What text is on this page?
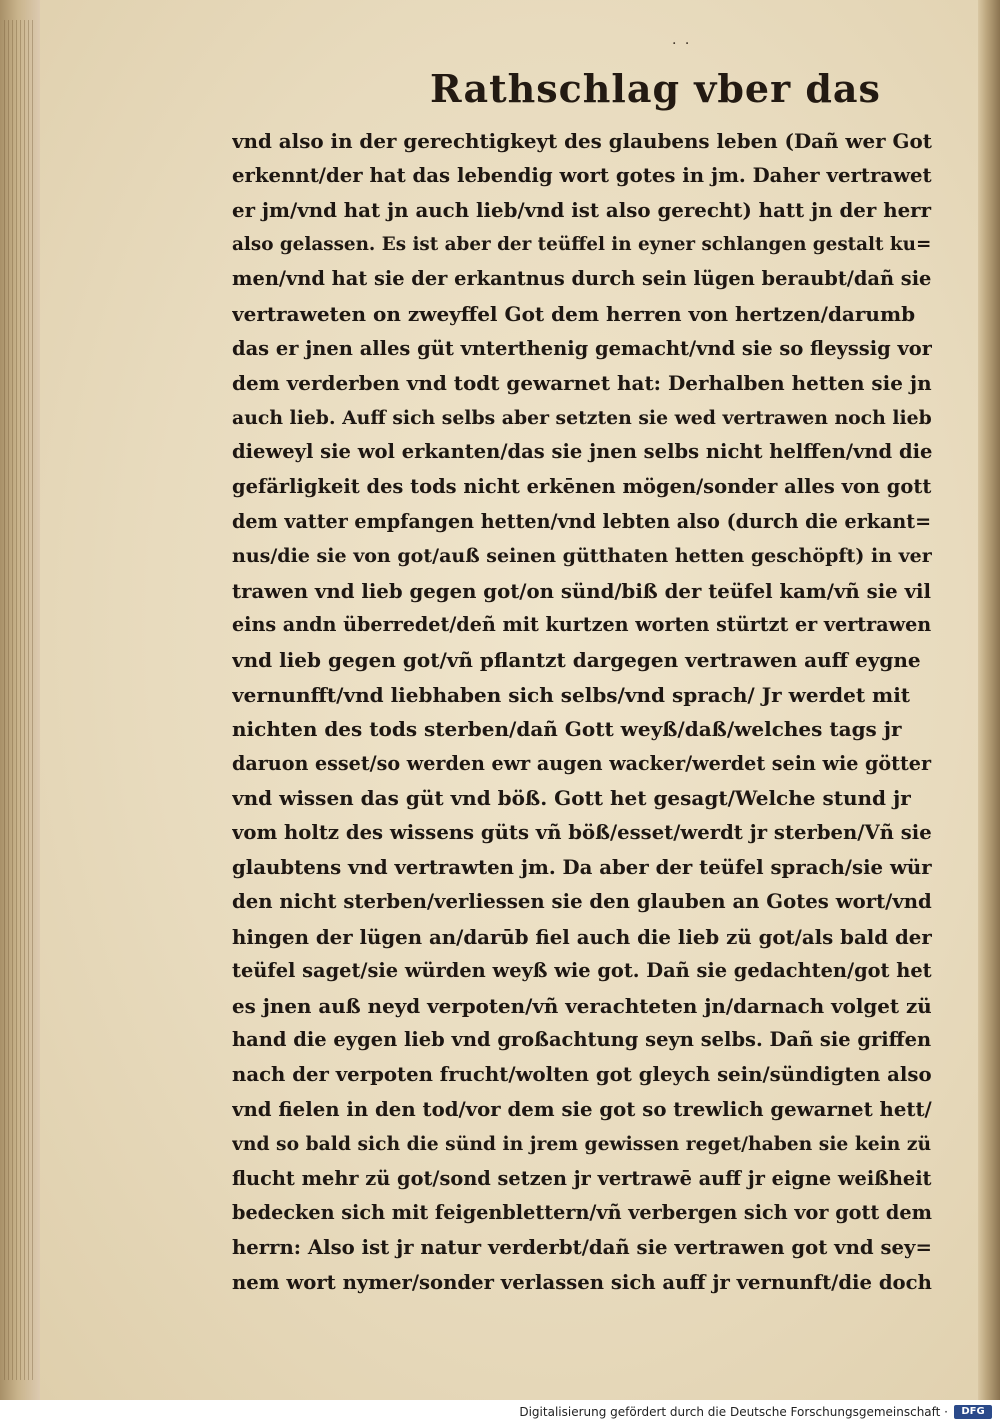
· ·
Rathschlag vber das
vnd also in der gerechtigkeyt des glaubens leben (Dañ wer Got
erkennt/der hat das lebendig wort gotes in jm. Daher vertrawet
er jm/vnd hat jn auch lieb/vnd ist also gerecht) hatt jn der herr
also gelassen. Es ist aber der teüffel in eyner schlangen gestalt ku=
men/vnd hat sie der erkantnus durch sein lügen beraubt/dañ sie
vertraweten on zweyffel Got dem herren von hertzen/darumb
das er jnen alles güt vnterthenig gemacht/vnd sie so fleyssig vor
dem verderben vnd todt gewarnet hat: Derhalben hetten sie jn
auch lieb. Auff sich selbs aber setzten sie wed vertrawen noch lieb
dieweyl sie wol erkanten/das sie jnen selbs nicht helffen/vnd die
gefärligkeit des tods nicht erkēnen mögen/sonder alles von gott
dem vatter empfangen hetten/vnd lebten also (durch die erkant=
nus/die sie von got/auß seinen gütthaten hetten geschöpft) in ver
trawen vnd lieb gegen got/on sünd/biß der teüfel kam/vñ sie vil
eins andn überredet/deñ mit kurtzen worten stürtzt er vertrawen
vnd lieb gegen got/vñ pflantzt dargegen vertrawen auff eygne
vernunfft/vnd liebhaben sich selbs/vnd sprach/ Jr werdet mit
nichten des tods sterben/dañ Gott weyß/daß/welches tags jr
daruon esset/so werden ewr augen wacker/werdet sein wie götter
vnd wissen das güt vnd böß. Gott het gesagt/Welche stund jr
vom holtz des wissens güts vñ böß/esset/werdt jr sterben/Vñ sie
glaubtens vnd vertrawten jm. Da aber der teüfel sprach/sie wür
den nicht sterben/verliessen sie den glauben an Gotes wort/vnd
hingen der lügen an/darūb fiel auch die lieb zü got/als bald der
teüfel saget/sie würden weyß wie got. Dañ sie gedachten/got het
es jnen auß neyd verpoten/vñ verachteten jn/darnach volget zü
hand die eygen lieb vnd großachtung seyn selbs. Dañ sie griffen
nach der verpoten frucht/wolten got gleych sein/sündigten also
vnd fielen in den tod/vor dem sie got so trewlich gewarnet hett/
vnd so bald sich die sünd in jrem gewissen reget/haben sie kein zü
flucht mehr zü got/sond setzen jr vertrawē auff jr eigne weißheit
bedecken sich mit feigenblettern/vñ verbergen sich vor gott dem
herrn: Also ist jr natur verderbt/dañ sie vertrawen got vnd sey=
nem wort nymer/sonder verlassen sich auff jr vernunft/die doch
Digitalisierung gefördert durch die Deutsche Forschungsgemeinschaft ·	DFG
